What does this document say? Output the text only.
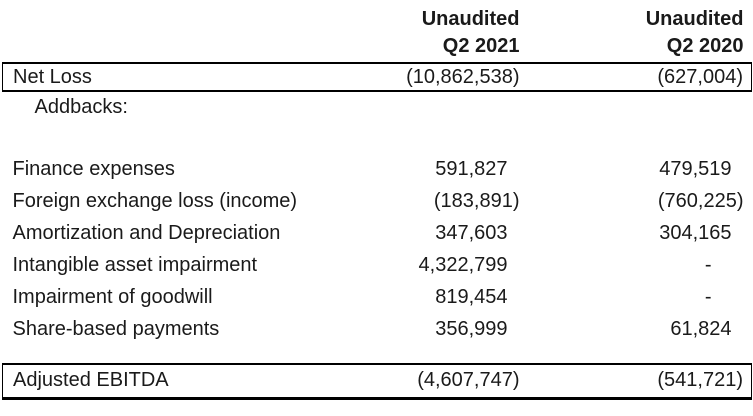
	Unaudited	Unaudited
	Q2 2021	Q2 2020
Net Loss	(10,862,538)	(627,004)
Addbacks:		

Finance expenses	591,827	479,519
Foreign exchange loss (income)	(183,891)	(760,225)
Amortization and Depreciation	347,603	304,165
Intangible asset impairment	4,322,799	-
Impairment of goodwill	819,454	-
Share-based payments	356,999	61,824

Adjusted EBITDA	(4,607,747)	(541,721)
